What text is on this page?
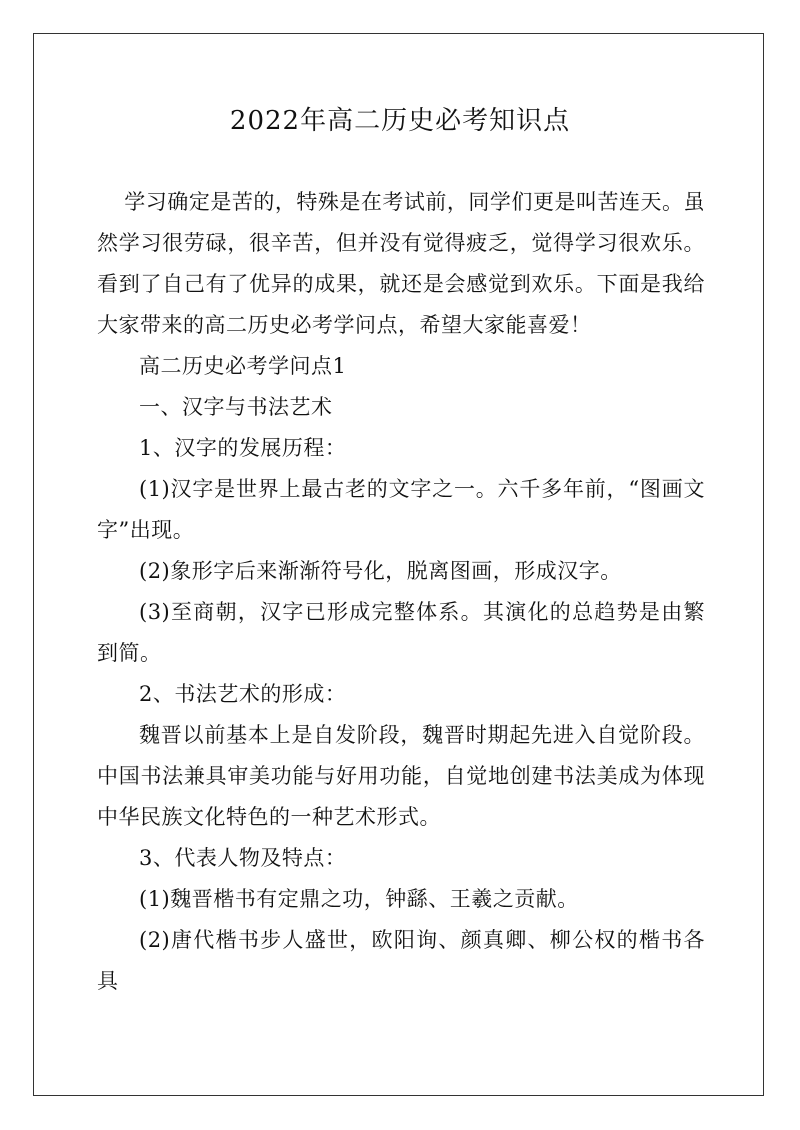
2022年高二历史必考知识点

学习确定是苦的，特殊是在考试前，同学们更是叫苦连天。虽然学习很劳碌，很辛苦，但并没有觉得疲乏，觉得学习很欢乐。看到了自己有了优异的成果，就还是会感觉到欢乐。下面是我给大家带来的高二历史必考学问点，希望大家能喜爱！

高二历史必考学问点1

一、汉字与书法艺术

1、汉字的发展历程：

(1)汉字是世界上最古老的文字之一。六千多年前，“图画文字”出现。

(2)象形字后来渐渐符号化，脱离图画，形成汉字。

(3)至商朝，汉字已形成完整体系。其演化的总趋势是由繁到简。

2、书法艺术的形成：

魏晋以前基本上是自发阶段，魏晋时期起先进入自觉阶段。中国书法兼具审美功能与好用功能，自觉地创建书法美成为体现中华民族文化特色的一种艺术形式。

3、代表人物及特点：

(1)魏晋楷书有定鼎之功，钟繇、王羲之贡献。

(2)唐代楷书步人盛世，欧阳询、颜真卿、柳公权的楷书各具
